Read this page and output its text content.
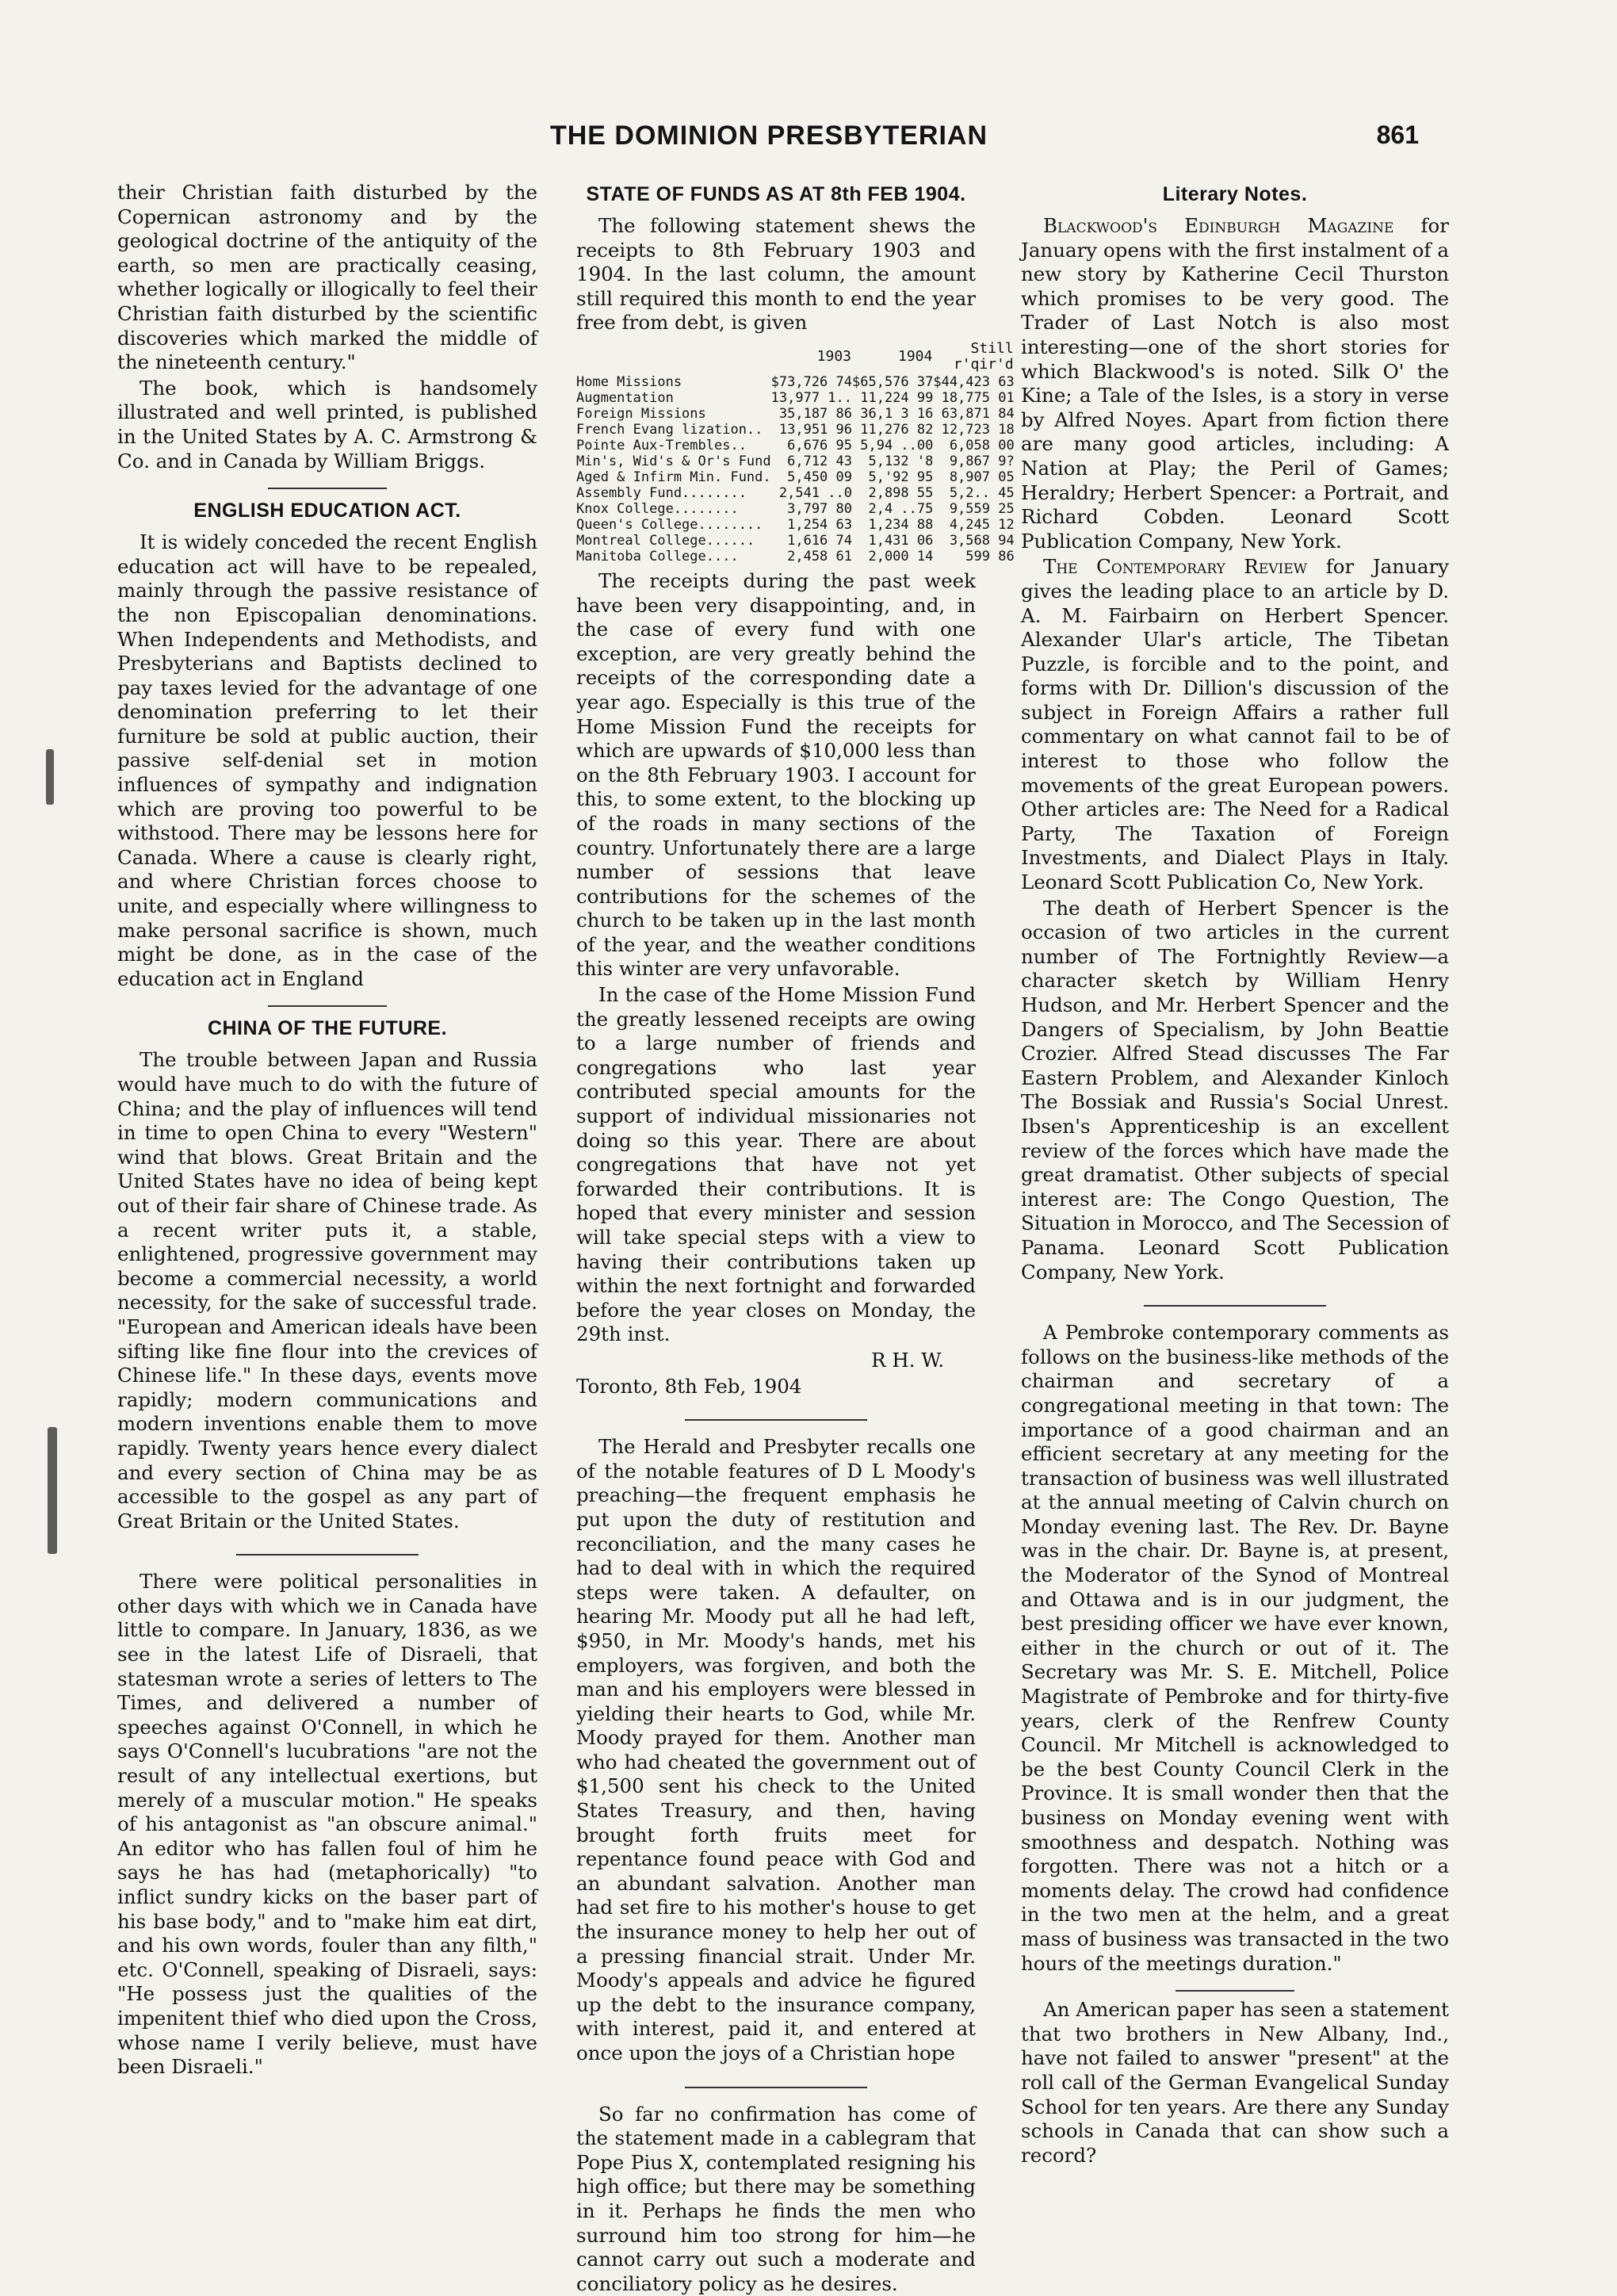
THE DOMINION PRESBYTERIAN	861

their Christian faith disturbed by the Copernican astronomy and by the geological doctrine of the antiquity of the earth, so men are practically ceasing, whether logically or illogically to feel their Christian faith disturbed by the scientific discoveries which marked the middle of the nineteenth century."

The book, which is handsomely illustrated and well printed, is published in the United States by A. C. Armstrong & Co. and in Canada by William Briggs.

ENGLISH EDUCATION ACT.

It is widely conceded the recent English education act will have to be repealed, mainly through the passive resistance of the non Episcopalian denominations. When Independents and Methodists, and Presbyterians and Baptists declined to pay taxes levied for the advantage of one denomination preferring to let their furniture be sold at public auction, their passive self-denial set in motion influences of sympathy and indignation which are proving too powerful to be withstood. There may be lessons here for Canada. Where a cause is clearly right, and where Christian forces choose to unite, and especially where willingness to make personal sacrifice is shown, much might be done, as in the case of the education act in England

CHINA OF THE FUTURE.

The trouble between Japan and Russia would have much to do with the future of China; and the play of influences will tend in time to open China to every "Western" wind that blows. Great Britain and the United States have no idea of being kept out of their fair share of Chinese trade. As a recent writer puts it, a stable, enlightened, progressive government may become a commercial necessity, a world necessity, for the sake of successful trade. "European and American ideals have been sifting like fine flour into the crevices of Chinese life." In these days, events move rapidly; modern communications and modern inventions enable them to move rapidly. Twenty years hence every dialect and every section of China may be as accessible to the gospel as any part of Great Britain or the United States.

There were political personalities in other days with which we in Canada have little to compare. In January, 1836, as we see in the latest Life of Disraeli, that statesman wrote a series of letters to The Times, and delivered a number of speeches against O'Connell, in which he says O'Connell's lucubrations "are not the result of any intellectual exertions, but merely of a muscular motion." He speaks of his antagonist as "an obscure animal." An editor who has fallen foul of him he says he has had (metaphorically) "to inflict sundry kicks on the baser part of his base body," and to "make him eat dirt, and his own words, fouler than any filth," etc. O'Connell, speaking of Disraeli, says: "He possess just the qualities of the impenitent thief who died upon the Cross, whose name I verily believe, must have been Disraeli."

STATE OF FUNDS AS AT 8th FEB 1904.

The following statement shews the receipts to 8th February 1903 and 1904. In the last column, the amount still required this month to end the year free from debt, is given

	1903	1904	Still r'qir'd
Home Missions	$73,726 74	$65,576 37	$44,423 63
Augmentation	13,977 1..	11,224 99	18,775 01
Foreign Missions	35,187 86	36,1 3 16	63,871 84
French Evang lization..	13,951 96	11,276 82	12,723 18
Pointe Aux-Trembles..	6,676 95	5,94 ..00	6,058 00
Min's, Wid's & Or's Fund	6,712 43	5,132 '8	9,867 9?
Aged & Infirm Min. Fund.	5,450 09	5,'92 95	8,907 05
Assembly Fund........	2,541 ..0	2,898 55	5,2.. 45
Knox College........	3,797 80	2,4 ..75	9,559 25
Queen's College........	1,254 63	1,234 88	4,245 12
Montreal College......	1,616 74	1,431 06	3,568 94
Manitoba College....	2,458 61	2,000 14	599 86

The receipts during the past week have been very disappointing, and, in the case of every fund with one exception, are very greatly behind the receipts of the corresponding date a year ago. Especially is this true of the Home Mission Fund the receipts for which are upwards of $10,000 less than on the 8th February 1903. I account for this, to some extent, to the blocking up of the roads in many sections of the country. Unfortunately there are a large number of sessions that leave contributions for the schemes of the church to be taken up in the last month of the year, and the weather conditions this winter are very unfavorable.

In the case of the Home Mission Fund the greatly lessened receipts are owing to a large number of friends and congregations who last year contributed special amounts for the support of individual missionaries not doing so this year. There are about congregations that have not yet forwarded their contributions. It is hoped that every minister and session will take special steps with a view to having their contributions taken up within the next fortnight and forwarded before the year closes on Monday, the 29th inst.

R H. W.

Toronto, 8th Feb, 1904

The Herald and Presbyter recalls one of the notable features of D L Moody's preaching—the frequent emphasis he put upon the duty of restitution and reconciliation, and the many cases he had to deal with in which the required steps were taken. A defaulter, on hearing Mr. Moody put all he had left, $950, in Mr. Moody's hands, met his employers, was forgiven, and both the man and his employers were blessed in yielding their hearts to God, while Mr. Moody prayed for them. Another man who had cheated the government out of $1,500 sent his check to the United States Treasury, and then, having brought forth fruits meet for repentance found peace with God and an abundant salvation. Another man had set fire to his mother's house to get the insurance money to help her out of a pressing financial strait. Under Mr. Moody's appeals and advice he figured up the debt to the insurance company, with interest, paid it, and entered at once upon the joys of a Christian hope

So far no confirmation has come of the statement made in a cablegram that Pope Pius X, contemplated resigning his high office; but there may be something in it. Perhaps he finds the men who surround him too strong for him—he cannot carry out such a moderate and conciliatory policy as he desires.

Literary Notes.

Blackwood's Edinburgh Magazine for January opens with the first instalment of a new story by Katherine Cecil Thurston which promises to be very good. The Trader of Last Notch is also most interesting—one of the short stories for which Blackwood's is noted. Silk O' the Kine; a Tale of the Isles, is a story in verse by Alfred Noyes. Apart from fiction there are many good articles, including: A Nation at Play; the Peril of Games; Heraldry; Herbert Spencer: a Portrait, and Richard Cobden. Leonard Scott Publication Company, New York.

The Contemporary Review for January gives the leading place to an article by D. A. M. Fairbairn on Herbert Spencer. Alexander Ular's article, The Tibetan Puzzle, is forcible and to the point, and forms with Dr. Dillion's discussion of the subject in Foreign Affairs a rather full commentary on what cannot fail to be of interest to those who follow the movements of the great European powers. Other articles are: The Need for a Radical Party, The Taxation of Foreign Investments, and Dialect Plays in Italy. Leonard Scott Publication Co, New York.

The death of Herbert Spencer is the occasion of two articles in the current number of The Fortnightly Review—a character sketch by William Henry Hudson, and Mr. Herbert Spencer and the Dangers of Specialism, by John Beattie Crozier. Alfred Stead discusses The Far Eastern Problem, and Alexander Kinloch The Bossiak and Russia's Social Unrest. Ibsen's Apprenticeship is an excellent review of the forces which have made the great dramatist. Other subjects of special interest are: The Congo Question, The Situation in Morocco, and The Secession of Panama. Leonard Scott Publication Company, New York.

A Pembroke contemporary comments as follows on the business-like methods of the chairman and secretary of a congregational meeting in that town: The importance of a good chairman and an efficient secretary at any meeting for the transaction of business was well illustrated at the annual meeting of Calvin church on Monday evening last. The Rev. Dr. Bayne was in the chair. Dr. Bayne is, at present, the Moderator of the Synod of Montreal and Ottawa and is in our judgment, the best presiding officer we have ever known, either in the church or out of it. The Secretary was Mr. S. E. Mitchell, Police Magistrate of Pembroke and for thirty-five years, clerk of the Renfrew County Council. Mr Mitchell is acknowledged to be the best County Council Clerk in the Province. It is small wonder then that the business on Monday evening went with smoothness and despatch. Nothing was forgotten. There was not a hitch or a moments delay. The crowd had confidence in the two men at the helm, and a great mass of business was transacted in the two hours of the meetings duration."

An American paper has seen a statement that two brothers in New Albany, Ind., have not failed to answer "present" at the roll call of the German Evangelical Sunday School for ten years. Are there any Sunday schools in Canada that can show such a record?
